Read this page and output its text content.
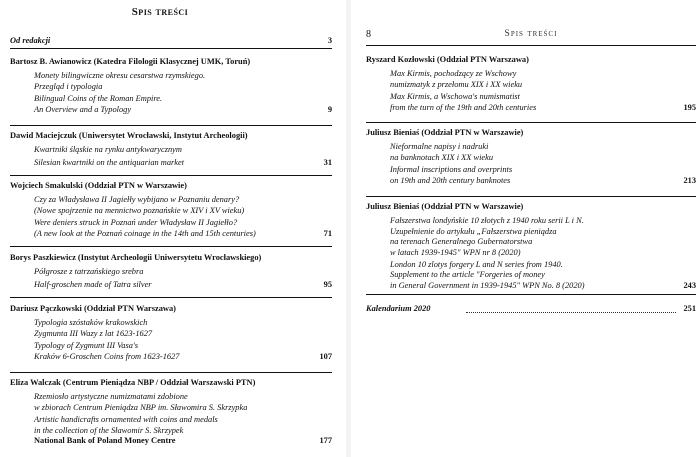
Spis treści
Od redakcji	3
Bartosz B. Awianowicz (Katedra Filologii Klasycznej UMK, Toruń)
Monety bilingwiczne okresu cesarstwa rzymskiego.
Przegląd i typologia
Bilingual Coins of the Roman Empire.
An Overview and a Typology	9
Dawid Maciejczuk (Uniwersytet Wrocławski, Instytut Archeologii)
Kwartniki śląskie na rynku antykwarycznym
Silesian kwartniki on the antiquarian market	31
Wojciech Smakulski (Oddział PTN w Warszawie)
Czy za Władysława II Jagiełły wybijano w Poznaniu denary?
(Nowe spojrzenie na mennictwo poznańskie w XIV i XV wieku)
Were deniers struck in Poznań under Władysław II Jagiełło?
(A new look at the Poznań coinage in the 14th and 15th centuries)	71
Borys Paszkiewicz (Instytut Archeologii Uniwersytetu Wrocławskiego)
Półgrosze z tatrzańskiego srebra
Half-groschen made of Tatra silver	95
Dariusz Pączkowski (Oddział PTN Warszawa)
Typologia szóstaków krakowskich
Zygmunta III Wazy z lat 1623-1627
Typology of Zygmunt III Vasa's
Kraków 6-Groschen Coins from 1623-1627	107
Eliza Walczak (Centrum Pieniądza NBP / Oddział Warszawski PTN)
Rzemiosło artystyczne numizmatami zdobione
w zbiorach Centrum Pieniądza NBP im. Sławomira S. Skrzypka
Artistic handicrafts ornamented with coins and medals
in the collection of the Sławomir S. Skrzypek
National Bank of Poland Money Centre	177
8	Spis treści
Ryszard Kozłowski (Oddział PTN Warszawa)
Max Kirmis, pochodzący ze Wschowy
numizmatyk z przełomu XIX i XX wieku
Max Kirmis, a Wschowa's numismatist
from the turn of the 19th and 20th centuries	195
Juliusz Bieniaś (Oddział PTN w Warszawie)
Nieformalne napisy i nadruki
na banknotach XIX i XX wieku
Informal inscriptions and overprints
on 19th and 20th century banknotes	213
Juliusz Bieniaś (Oddział PTN w Warszawie)
Fałszerstwa londyńskie 10 złotych z 1940 roku serii L i N.
Uzupełnienie do artykułu „Fałszerstwa pieniądza
na terenach Generalnego Gubernatorstwa
w latach 1939-1945" WPN nr 8 (2020)
London 10 zlotys forgery L and N series from 1940.
Supplement to the article "Forgeries of money
in General Government in 1939-1945" WPN No. 8 (2020)	243
Kalendarium 2020	251
